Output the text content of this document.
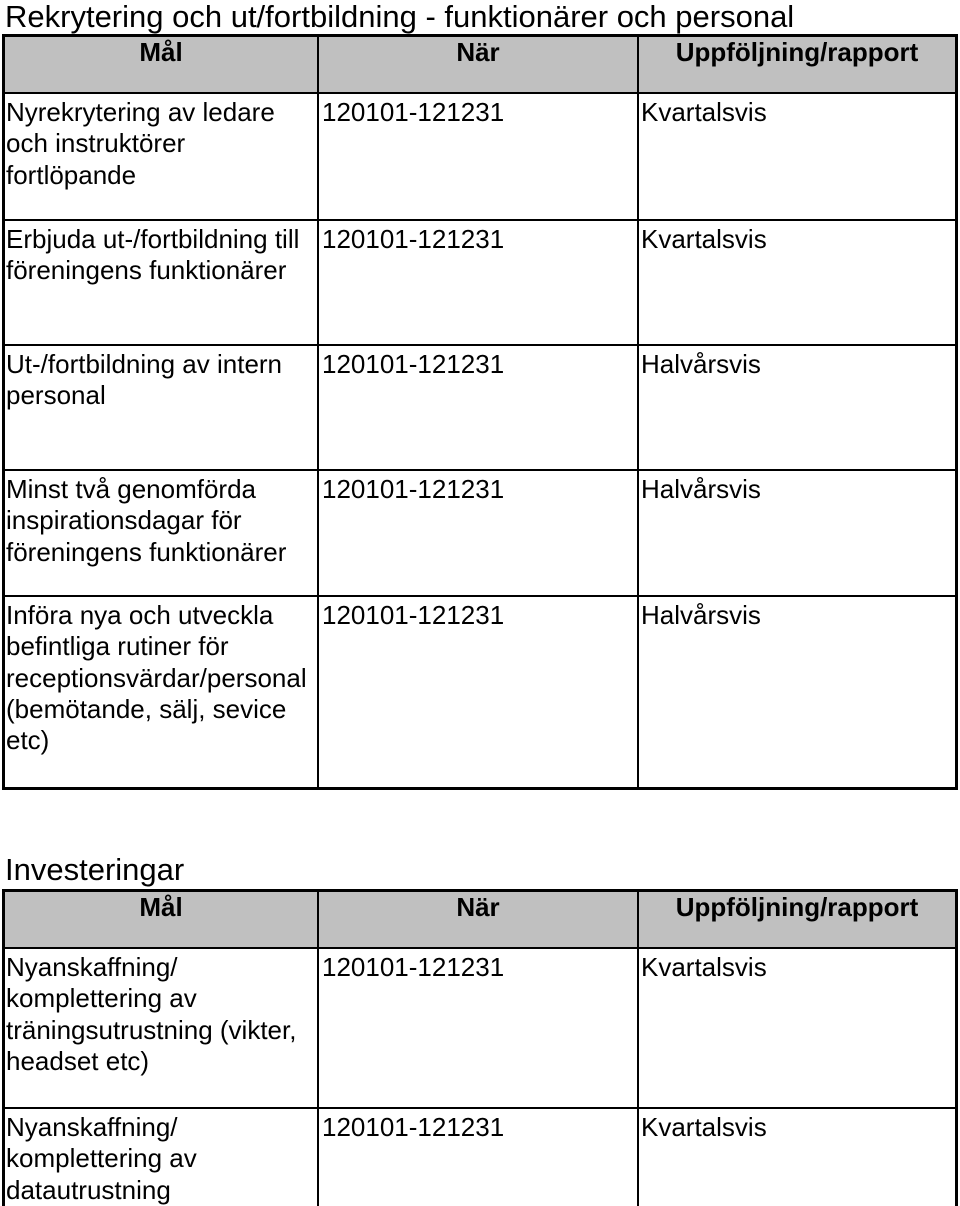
Rekrytering och ut/fortbildning - funktionärer och personal
Mål	När	Uppföljning/rapport
Nyrekrytering av ledare
och instruktörer
fortlöpande
120101-121231	Kvartalsvis
Erbjuda ut-/fortbildning till
föreningens funktionärer
120101-121231	Kvartalsvis
Ut-/fortbildning av intern
personal
120101-121231	Halvårsvis
Minst två genomförda
inspirationsdagar för
föreningens funktionärer
120101-121231	Halvårsvis
Införa nya och utveckla
befintliga rutiner för
receptionsvärdar/personal
(bemötande, sälj, sevice
etc)
120101-121231	Halvårsvis
Investeringar
Mål	När	Uppföljning/rapport
Nyanskaffning/
komplettering av
träningsutrustning (vikter,
headset etc)
120101-121231	Kvartalsvis
Nyanskaffning/
komplettering av
datautrustning
120101-121231	Kvartalsvis
